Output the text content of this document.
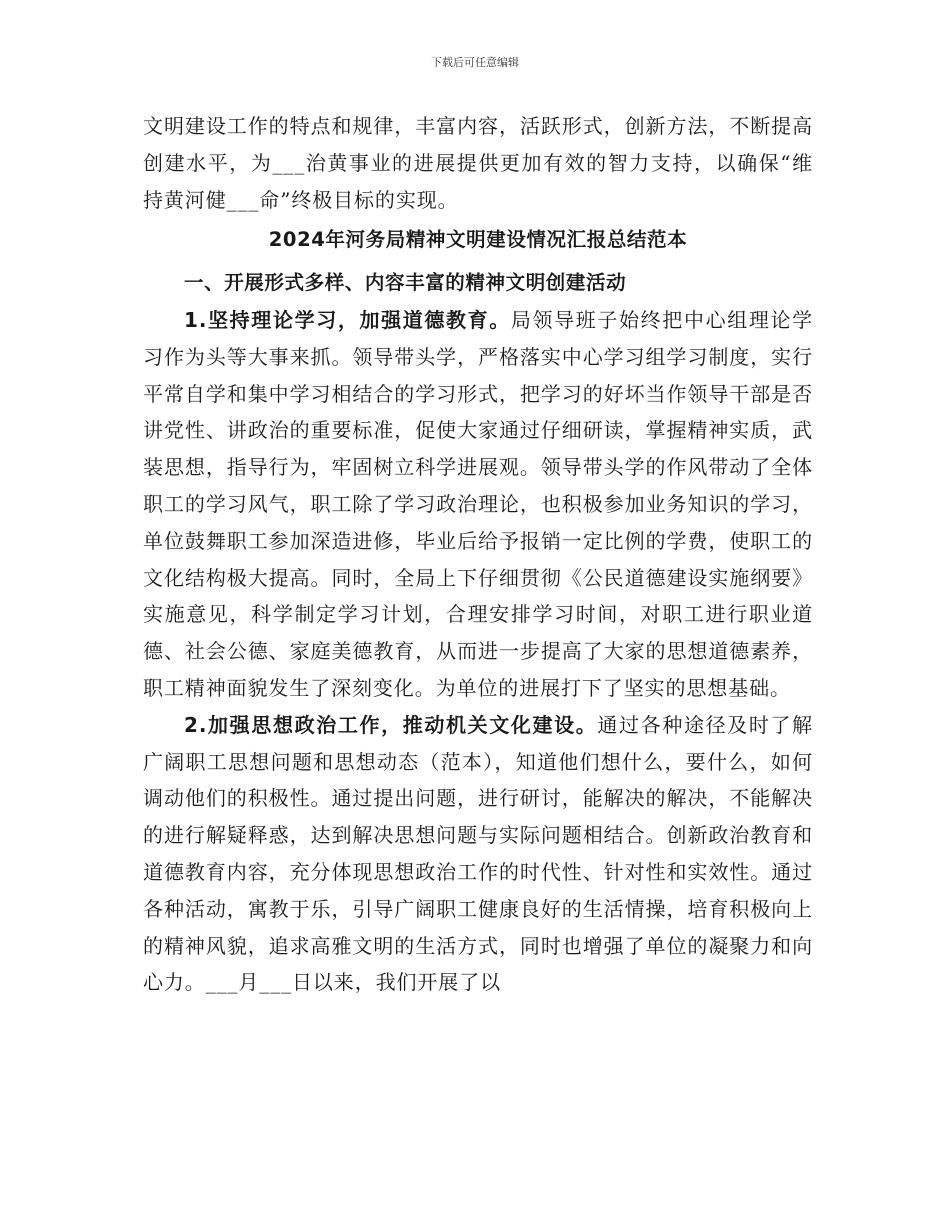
下载后可任意编辑

文明建设工作的特点和规律，丰富内容，活跃形式，创新方法，不断提高创建水平，为___治黄事业的进展提供更加有效的智力支持，以确保“维持黄河健___命”终极目标的实现。

2024年河务局精神文明建设情况汇报总结范本

一、开展形式多样、内容丰富的精神文明创建活动

1.坚持理论学习，加强道德教育。局领导班子始终把中心组理论学习作为头等大事来抓。领导带头学，严格落实中心学习组学习制度，实行平常自学和集中学习相结合的学习形式，把学习的好坏当作领导干部是否讲党性、讲政治的重要标准，促使大家通过仔细研读，掌握精神实质，武装思想，指导行为，牢固树立科学进展观。领导带头学的作风带动了全体职工的学习风气，职工除了学习政治理论，也积极参加业务知识的学习，单位鼓舞职工参加深造进修，毕业后给予报销一定比例的学费，使职工的文化结构极大提高。同时，全局上下仔细贯彻《公民道德建设实施纲要》实施意见，科学制定学习计划，合理安排学习时间，对职工进行职业道德、社会公德、家庭美德教育，从而进一步提高了大家的思想道德素养，职工精神面貌发生了深刻变化。为单位的进展打下了坚实的思想基础。

2.加强思想政治工作，推动机关文化建设。通过各种途径及时了解广阔职工思想问题和思想动态（范本），知道他们想什么，要什么，如何调动他们的积极性。通过提出问题，进行研讨，能解决的解决，不能解决的进行解疑释惑，达到解决思想问题与实际问题相结合。创新政治教育和道德教育内容，充分体现思想政治工作的时代性、针对性和实效性。通过各种活动，寓教于乐，引导广阔职工健康良好的生活情操，培育积极向上的精神风貌，追求高雅文明的生活方式，同时也增强了单位的凝聚力和向心力。___月___日以来，我们开展了以
